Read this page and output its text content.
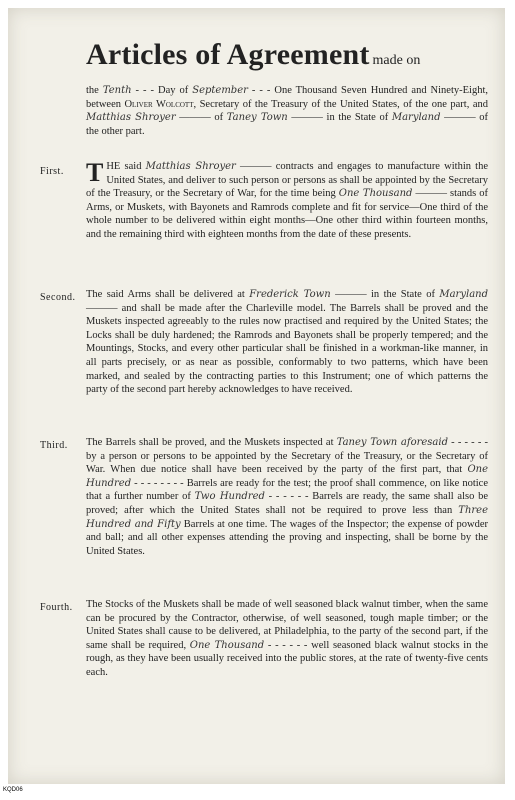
Articles of Agreement made on
the Tenth - - - Day of September - - - One Thousand Seven Hundred and Ninety-Eight, between Oliver Wolcott, Secretary of the Treasury of the United States, of the one part, and Matthias Shroyer ——— of Taney Town ——— in the State of Maryland ——— of the other part.
First. T HE said Matthias Shroyer ——— contracts and engages to manufacture within the United States, and deliver to such person or persons as shall be appointed by the Secretary of the Treasury, or the Secretary of War, for the time being One Thousand ——— stands of Arms, or Muskets, with Bayonets and Ramrods complete and fit for service—One third of the whole number to be delivered within eight months—One other third within fourteen months, and the remaining third with eighteen months from the date of these presents.
Second. The said Arms shall be delivered at Frederick Town ——— in the State of Maryland ——— and shall be made after the Charleville model. The Barrels shall be proved and the Muskets inspected agreeably to the rules now practised and required by the United States; the Locks shall be duly hardened; the Ramrods and Bayonets shall be properly tempered; and the Mountings, Stocks, and every other particular shall be finished in a workman-like manner, in all parts precisely, or as near as possible, conformably to two patterns, which have been marked, and sealed by the contracting parties to this Instrument; one of which patterns the party of the second part hereby acknowledges to have received.
Third. The Barrels shall be proved, and the Muskets inspected at Taney Town aforesaid - - - - - - by a person or persons to be appointed by the Secretary of the Treasury, or the Secretary of War. When due notice shall have been received by the party of the first part, that One Hundred - - - - - - - - Barrels are ready for the test; the proof shall commence, on like notice that a further number of Two Hundred - - - - - - Barrels are ready, the same shall also be proved; after which the United States shall not be required to prove less than Three Hundred and Fifty Barrels at one time. The wages of the Inspector; the expense of powder and ball; and all other expenses attending the proving and inspecting, shall be borne by the United States.
Fourth. The Stocks of the Muskets shall be made of well seasoned black walnut timber, when the same can be procured by the Contractor, otherwise, of well seasoned, tough maple timber; or the United States shall cause to be delivered, at Philadelphia, to the party of the second part, if the same shall be required, One Thousand - - - - - - well seasoned black walnut stocks in the rough, as they have been usually received into the public stores, at the rate of twenty-five cents each.
KQD06
